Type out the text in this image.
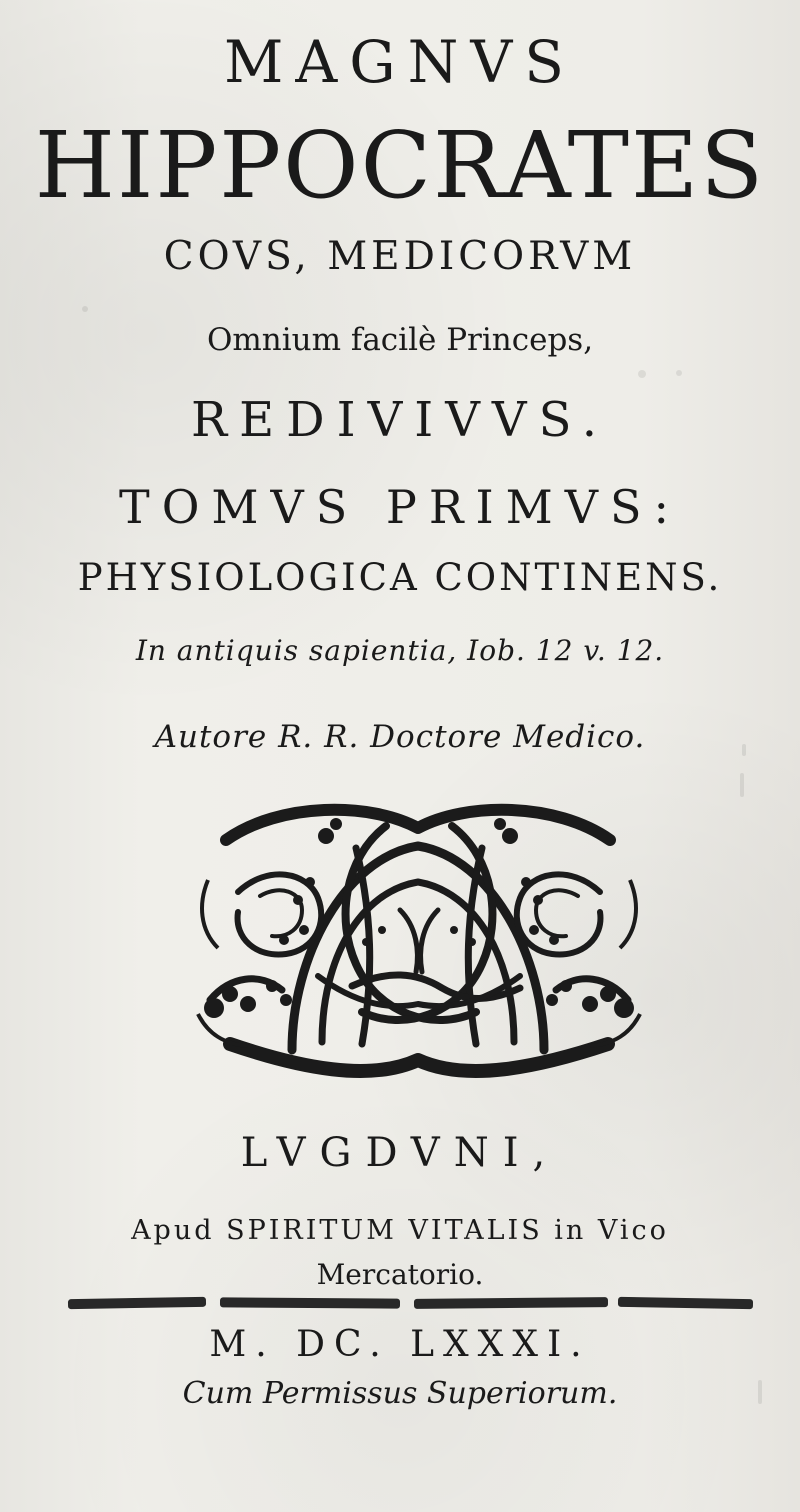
MAGNVS
HIPPOCRATES
COVS, MEDICORVM
Omnium facilè Princeps,
REDIVIVVS.
TOMVS PRIMVS:
PHYSIOLOGICA CONTINENS.
In antiquis sapientia, Iob. 12 v. 12.
Autore R. R. Doctore Medico.
LVGDVNI,
Apud SPIRITUM VITALIS in Vico
Mercatorio.
M. DC. LXXXI.
Cum Permissus Superiorum.
